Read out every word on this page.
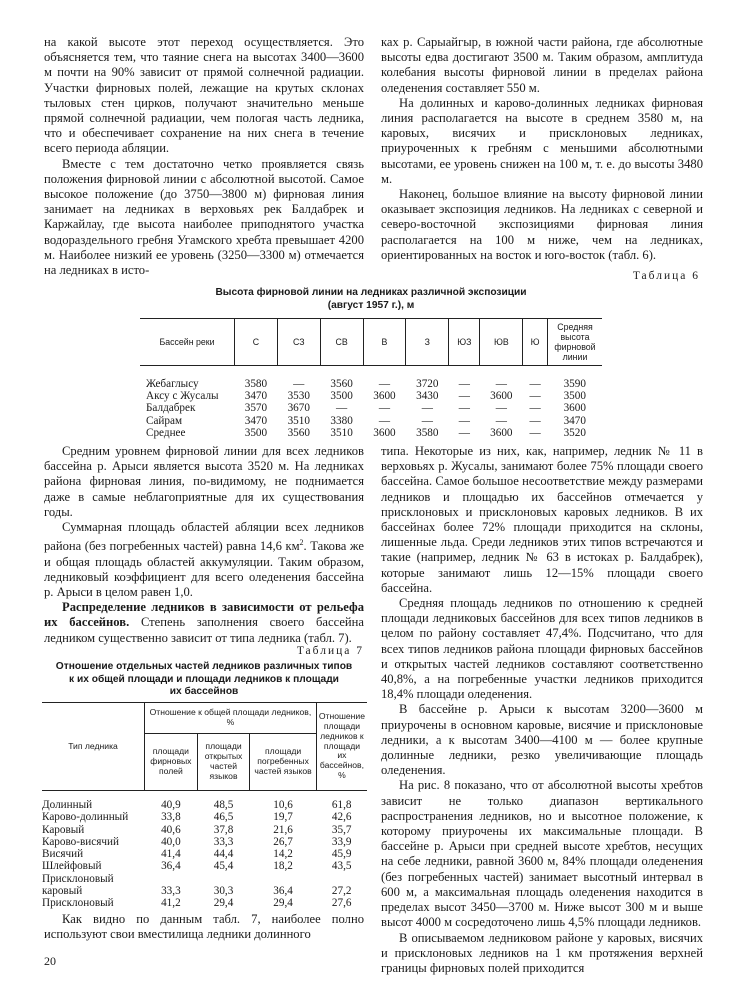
на какой высоте этот переход осуществляется. Это объясняется тем, что таяние снега на высотах 3400—3600 м почти на 90% зависит от прямой солнечной радиации. Участки фирновых полей, лежащие на крутых склонах тыловых стен цирков, получают значительно меньше прямой солнечной радиации, чем пологая часть ледника, что и обеспечивает сохранение на них снега в течение всего периода абляции.

Вместе с тем достаточно четко проявляется связь положения фирновой линии с абсолютной высотой. Самое высокое положение (до 3750—3800 м) фирновая линия занимает на ледниках в верховьях рек Балдабрек и Каржайлау, где высота наиболее приподнятого участка водораздельного гребня Угамского хребта превышает 4200 м. Наиболее низкий ее уровень (3250—3300 м) отмечается на ледниках в исто-

ках р. Сарыайгыр, в южной части района, где абсолютные высоты едва достигают 3500 м. Таким образом, амплитуда колебания высоты фирновой линии в пределах района оледенения составляет 550 м.

На долинных и карово-долинных ледниках фирновая линия располагается на высоте в среднем 3580 м, на каровых, висячих и присклоновых ледниках, приуроченных к гребням с меньшими абсолютными высотами, ее уровень снижен на 100 м, т. е. до высоты 3480 м.

Наконец, большое влияние на высоту фирновой линии оказывает экспозиция ледников. На ледниках с северной и северо-восточной экспозициями фирновая линия располагается на 100 м ниже, чем на ледниках, ориентированных на восток и юго-восток (табл. 6).

Таблица 6
Высота фирновой линии на ледниках различной экспозиции
(август 1957 г.), м
Бассейн реки	С	СЗ	СВ	В	З	ЮЗ	ЮВ	Ю	Средняя высота фирновой линии
Жебаглысу	3580	—	3560	—	3720	—	—	—	3590
Аксу с Жусалы	3470	3530	3500	3600	3430	—	3600	—	3500
Балдабрек	3570	3670	—	—	—	—	—	—	3600
Сайрам	3470	3510	3380	—	—	—	—	—	3470
Среднее	3500	3560	3510	3600	3580	—	3600	—	3520

Средним уровнем фирновой линии для всех ледников бассейна р. Арыси является высота 3520 м. На ледниках района фирновая линия, по-видимому, не поднимается даже в самые неблагоприятные для их существования годы.

Суммарная площадь областей абляции всех ледников района (без погребенных частей) равна 14,6 $км^2$. Такова же и общая площадь областей аккумуляции. Таким образом, ледниковый коэффициент для всего оледенения бассейна р. Арыси в целом равен 1,0.

Распределение ледников в зависимости от рельефа их бассейнов. Степень заполнения своего бассейна ледником существенно зависит от типа ледника (табл. 7).

Таблица 7
Отношение отдельных частей ледников различных типов
к их общей площади и площади ледников к площади
их бассейнов
Тип ледника	Отношение к общей площади ледников, %			Отношение площади ледников к площади их бассейнов, %
	площади фирновых полей	площади открытых частей языков	площади погребенных частей языков	
Долинный	40,9	48,5	10,6	61,8
Карово-долинный	33,8	46,5	19,7	42,6
Каровый	40,6	37,8	21,6	35,7
Карово-висячий	40,0	33,3	26,7	33,9
Висячий	41,4	44,4	14,2	45,9
Шлейфовый	36,4	45,4	18,2	43,5
Присклоновый				
каровый	33,3	30,3	36,4	27,2
Присклоновый	41,2	29,4	29,4	27,6

Как видно по данным табл. 7, наиболее полно используют свои вместилища ледники долинного

типа. Некоторые из них, как, например, ледник № 11 в верховьях р. Жусалы, занимают более 75% площади своего бассейна. Самое большое несоответствие между размерами ледников и площадью их бассейнов отмечается у присклоновых и присклоновых каровых ледников. В их бассейнах более 72% площади приходится на склоны, лишенные льда. Среди ледников этих типов встречаются и такие (например, ледник № 63 в истоках р. Балдабрек), которые занимают лишь 12—15% площади своего бассейна.

Средняя площадь ледников по отношению к средней площади ледниковых бассейнов для всех типов ледников в целом по району составляет 47,4%. Подсчитано, что для всех типов ледников района площади фирновых бассейнов и открытых частей ледников составляют соответственно 40,8%, а на погребенные участки ледников приходится 18,4% площади оледенения.

В бассейне р. Арыси к высотам 3200—3600 м приурочены в основном каровые, висячие и присклоновые ледники, а к высотам 3400—4100 м — более крупные долинные ледники, резко увеличивающие площадь оледенения.

На рис. 8 показано, что от абсолютной высоты хребтов зависит не только диапазон вертикального распространения ледников, но и высотное положение, к которому приурочены их максимальные площади. В бассейне р. Арыси при средней высоте хребтов, несущих на себе ледники, равной 3600 м, 84% площади оледенения (без погребенных частей) занимает высотный интервал в 600 м, а максимальная площадь оледенения находится в пределах высот 3450—3700 м. Ниже высот 300 м и выше высот 4000 м сосредоточено лишь 4,5% площади ледников.

В описываемом ледниковом районе у каровых, висячих и присклоновых ледников на 1 км протяжения верхней границы фирновых полей приходится

20
